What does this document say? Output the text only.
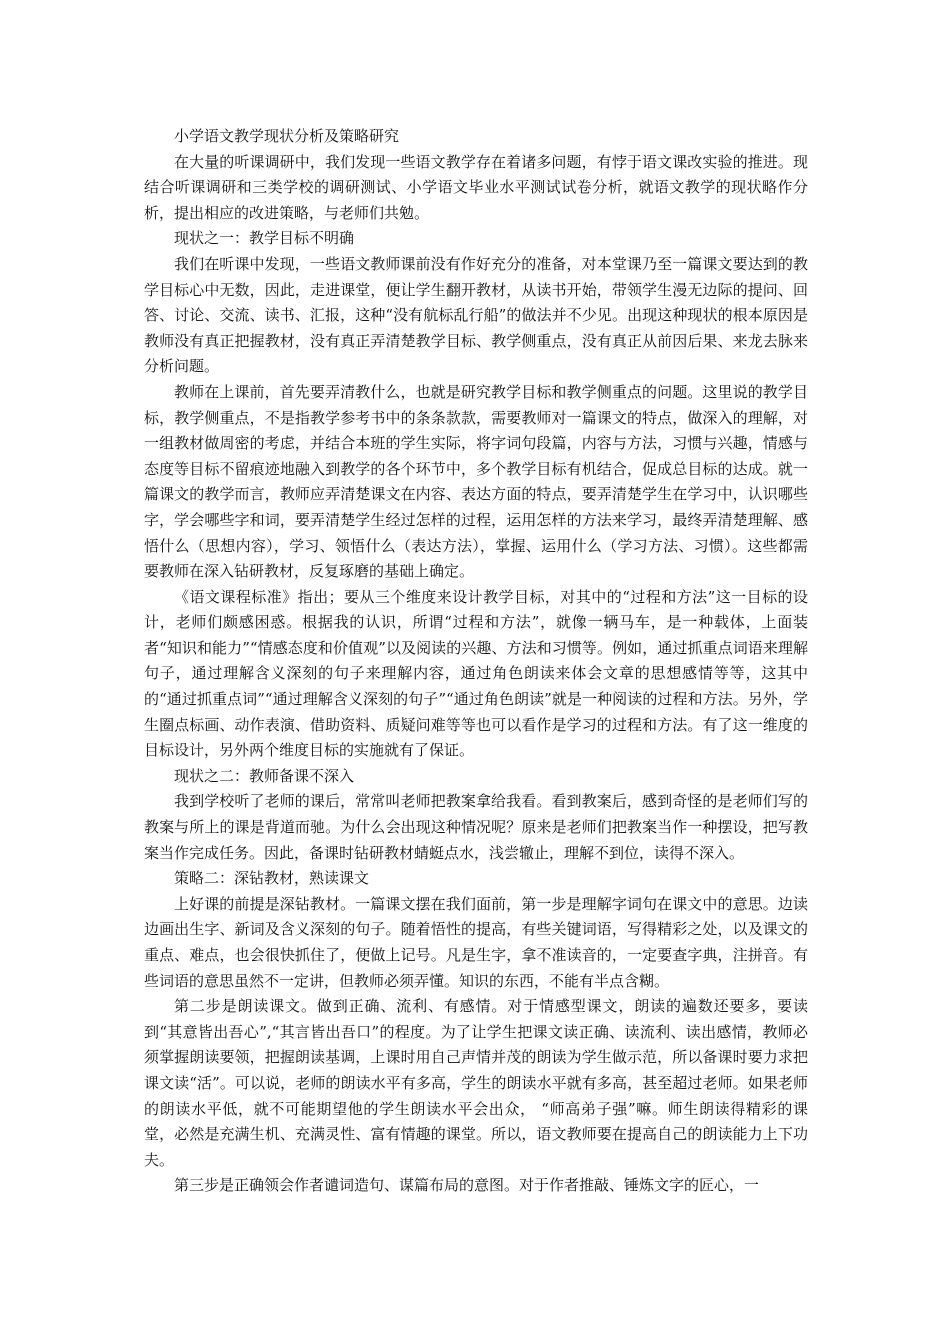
小学语文教学现状分析及策略研究

在大量的听课调研中，我们发现一些语文教学存在着诸多问题，有悖于语文课改实验的推进。现结合听课调研和三类学校的调研测试、小学语文毕业水平测试试卷分析，就语文教学的现状略作分析，提出相应的改进策略，与老师们共勉。

现状之一：教学目标不明确

我们在听课中发现，一些语文教师课前没有作好充分的准备，对本堂课乃至一篇课文要达到的教学目标心中无数，因此，走进课堂，便让学生翻开教材，从读书开始，带领学生漫无边际的提问、回答、讨论、交流、读书、汇报，这种“没有航标乱行船”的做法并不少见。出现这种现状的根本原因是教师没有真正把握教材，没有真正弄清楚教学目标、教学侧重点，没有真正从前因后果、来龙去脉来分析问题。

教师在上课前，首先要弄清教什么，也就是研究教学目标和教学侧重点的问题。这里说的教学目标，教学侧重点，不是指教学参考书中的条条款款，需要教师对一篇课文的特点，做深入的理解，对一组教材做周密的考虑，并结合本班的学生实际，将字词句段篇，内容与方法，习惯与兴趣，情感与态度等目标不留痕迹地融入到教学的各个环节中，多个教学目标有机结合，促成总目标的达成。就一篇课文的教学而言，教师应弄清楚课文在内容、表达方面的特点，要弄清楚学生在学习中，认识哪些字，学会哪些字和词，要弄清楚学生经过怎样的过程，运用怎样的方法来学习，最终弄清楚理解、感悟什么（思想内容），学习、领悟什么（表达方法），掌握、运用什么（学习方法、习惯）。这些都需要教师在深入钻研教材，反复琢磨的基础上确定。

《语文课程标准》指出；要从三个维度来设计教学目标，对其中的“过程和方法”这一目标的设计，老师们颇感困惑。根据我的认识，所谓“过程和方法”，就像一辆马车，是一种载体，上面装者“知识和能力”“情感态度和价值观”以及阅读的兴趣、方法和习惯等。例如，通过抓重点词语来理解句子，通过理解含义深刻的句子来理解内容，通过角色朗读来体会文章的思想感情等等，这其中的“通过抓重点词”“通过理解含义深刻的句子”“通过角色朗读”就是一种阅读的过程和方法。另外，学生圈点标画、动作表演、借助资料、质疑问难等等也可以看作是学习的过程和方法。有了这一维度的目标设计，另外两个维度目标的实施就有了保证。

现状之二：教师备课不深入

我到学校听了老师的课后，常常叫老师把教案拿给我看。看到教案后，感到奇怪的是老师们写的教案与所上的课是背道而驰。为什么会出现这种情况呢？原来是老师们把教案当作一种摆设，把写教案当作完成任务。因此，备课时钻研教材蜻蜓点水，浅尝辙止，理解不到位，读得不深入。

策略二：深钻教材，熟读课文

上好课的前提是深钻教材。一篇课文摆在我们面前，第一步是理解字词句在课文中的意思。边读边画出生字、新词及含义深刻的句子。随着悟性的提高，有些关键词语，写得精彩之处，以及课文的重点、难点，也会很快抓住了，便做上记号。凡是生字，拿不准读音的，一定要查字典，注拼音。有些词语的意思虽然不一定讲，但教师必须弄懂。知识的东西，不能有半点含糊。

第二步是朗读课文。做到正确、流利、有感情。对于情感型课文，朗读的遍数还要多，要读到“其意皆出吾心”,“其言皆出吾口”的程度。为了让学生把课文读正确、读流利、读出感情，教师必须掌握朗读要领，把握朗读基调，上课时用自己声情并茂的朗读为学生做示范，所以备课时要力求把课文读“活”。可以说，老师的朗读水平有多高，学生的朗读水平就有多高，甚至超过老师。如果老师的朗读水平低，就不可能期望他的学生朗读水平会出众， “师高弟子强”嘛。师生朗读得精彩的课堂，必然是充满生机、充满灵性、富有情趣的课堂。所以，语文教师要在提高自己的朗读能力上下功夫。

第三步是正确领会作者谴词造句、谋篇布局的意图。对于作者推敲、锤炼文字的匠心，一
